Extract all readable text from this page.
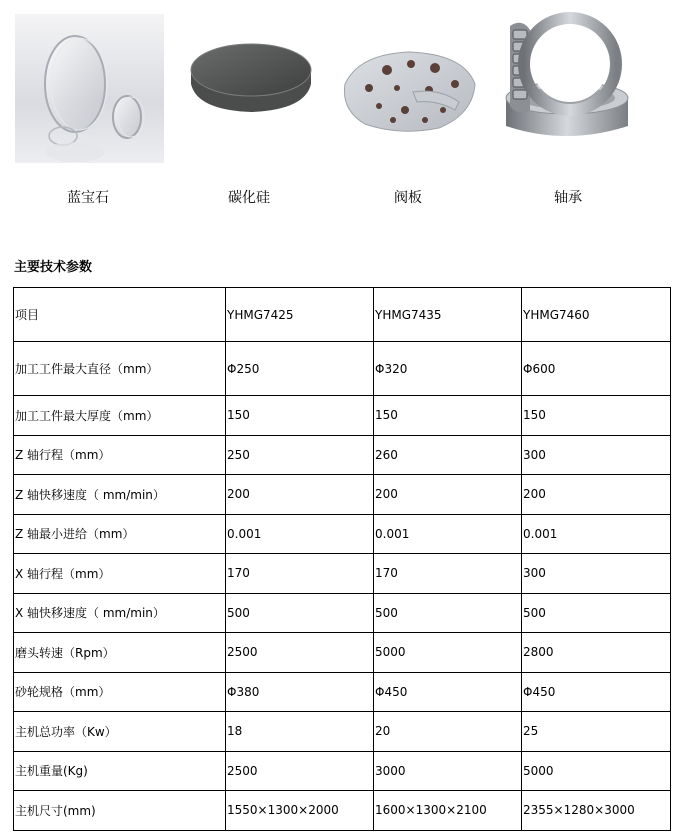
蓝宝石	碳化硅	阀板	轴承
主要技术参数
项目	YHMG7425	YHMG7435	YHMG7460
加工工件最大直径（mm）	Φ250	Φ320	Φ600
加工工件最大厚度（mm）	150	150	150
Z 轴行程（mm）	250	260	300
Z 轴快移速度（ mm/min）	200	200	200
Z 轴最小进给（mm）	0.001	0.001	0.001
X 轴行程（mm）	170	170	300
X 轴快移速度（ mm/min）	500	500	500
磨头转速（Rpm）	2500	5000	2800
砂轮规格（mm）	Φ380	Φ450	Φ450
主机总功率（Kw）	18	20	25
主机重量(Kg)	2500	3000	5000
主机尺寸(mm)	1550×1300×2000	1600×1300×2100	2355×1280×3000
